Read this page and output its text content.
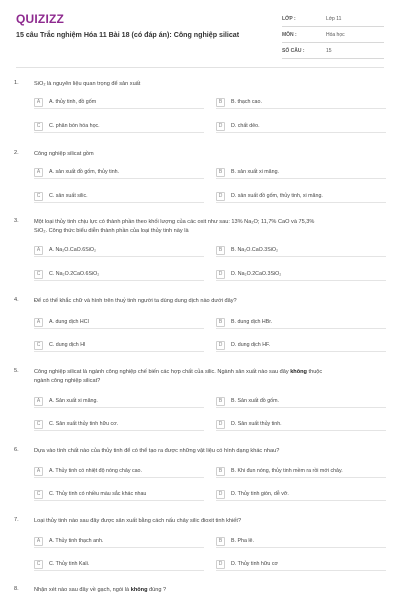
QUIZIZZ
15 câu Trắc nghiệm Hóa 11 Bài 18 (có đáp án): Công nghiệp silicat
LỚP :	Lớp 11
MÔN :	Hóa học
SỐ CÂU :	15
1.	SiO₂ là nguyên liệu quan trọng để sản xuất
A	A. thủy tinh, đồ gốm	B	B. thạch cao.
C	C. phân bón hóa học.	D	D. chất dẻo.
2.	Công nghiệp silicat gồm
A	A. sản xuất đồ gốm, thủy tinh.	B	B. sản xuất xi măng.
C	C. sản xuất silic.	D	D. sản xuất đồ gốm, thủy tinh, xi măng.
3.	Một loại thủy tinh chịu lực có thành phần theo khối lượng của các oxit như sau: 13% Na₂O; 11,7% CaO và 75,3%
SiO₂. Công thức biểu diễn thành phần của loại thủy tinh này là
A	A. Na₂O.CaO.6SiO₂	B	B. Na₂O.CaO.3SiO₂
C	C. Na₂O.2CaO.6SiO₂	D	D. Na₂O.2CaO.3SiO₂
4.	Để có thể khắc chữ và hình trên thuỷ tinh người ta dùng dung dịch nào dưới đây?
A	A. dung dịch HCl	B	B. dung dịch HBr.
C	C. dung dịch HI	D	D. dung dịch HF.
5.	Công nghiệp silicat là ngành công nghiệp chế biến các hợp chất của silic. Ngành sản xuất nào sau đây không thuộc
ngành công nghiệp silicat?
A	A. Sản xuất xi măng.	B	B. Sản xuất đồ gốm.
C	C. Sản xuất thủy tinh hữu cơ.	D	D. Sản xuất thủy tinh.
6.	Dựa vào tính chất nào của thủy tinh để có thể tạo ra được những vật liệu có hình dạng khác nhau?
A	A. Thủy tinh có nhiệt độ nóng chảy cao.	B	B. Khi đun nóng, thủy tinh mềm ra rồi mới chảy.
C	C. Thủy tinh có nhiều màu sắc khác nhau	D	D. Thủy tinh giòn, dễ vỡ.
7.	Loại thủy tinh nào sau đây được sản xuất bằng cách nấu chảy silic đioxit tinh khiết?
A	A. Thủy tinh thạch anh.	B	B. Pha lê.
C	C. Thủy tinh Kali.	D	D. Thủy tinh hữu cơ
8.	Nhận xét nào sau đây về gạch, ngói là không đúng ?
